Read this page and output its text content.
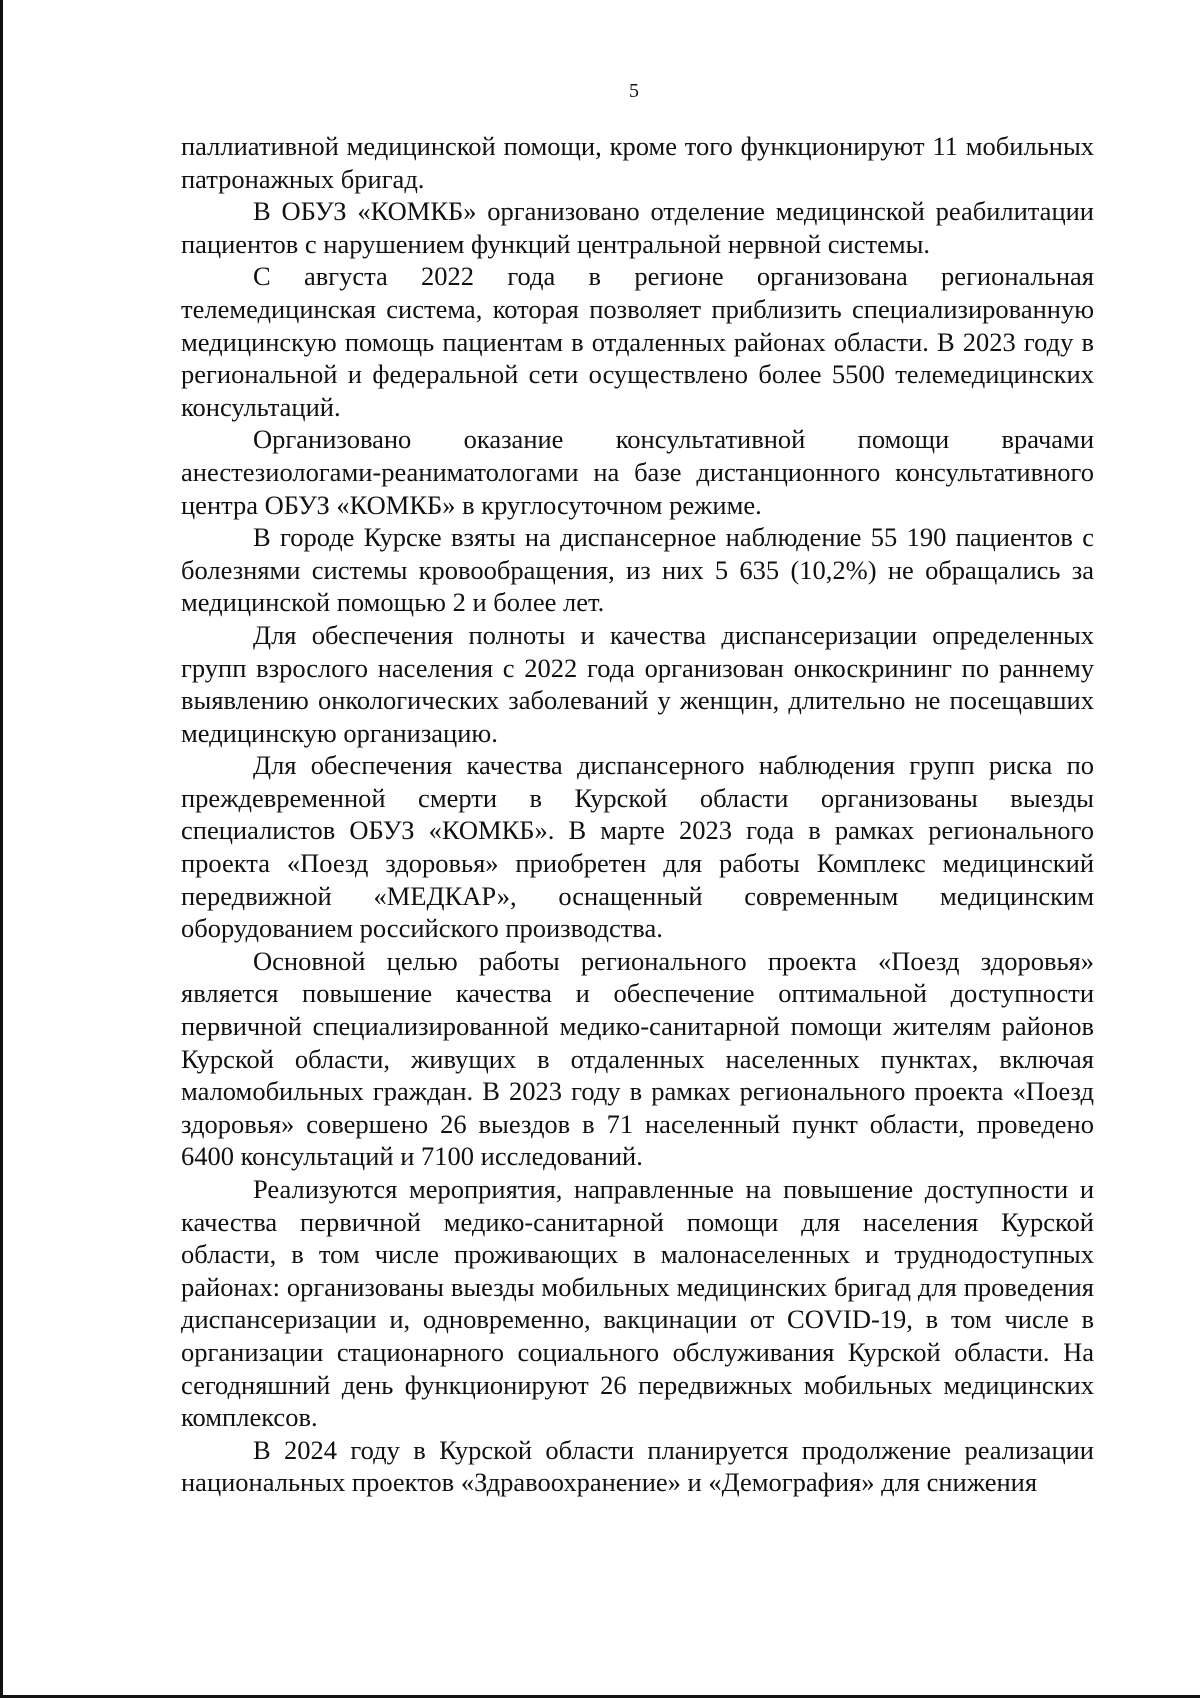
5

паллиативной медицинской помощи, кроме того функционируют 11 мобильных патронажных бригад.

В ОБУЗ «КОМКБ» организовано отделение медицинской реабилитации пациентов с нарушением функций центральной нервной системы.

С августа 2022 года в регионе организована региональная телемедицинская система, которая позволяет приблизить специализированную медицинскую помощь пациентам в отдаленных районах области. В 2023 году в региональной и федеральной сети осуществлено более 5500 телемедицинских консультаций.

Организовано оказание консультативной помощи врачами анестезиологами-реаниматологами на базе дистанционного консультативного центра ОБУЗ «КОМКБ» в круглосуточном режиме.

В городе Курске взяты на диспансерное наблюдение 55 190 пациентов с болезнями системы кровообращения, из них 5 635 (10,2%) не обращались за медицинской помощью 2 и более лет.

Для обеспечения полноты и качества диспансеризации определенных групп взрослого населения с 2022 года организован онкоскрининг по раннему выявлению онкологических заболеваний у женщин, длительно не посещавших медицинскую организацию.

Для обеспечения качества диспансерного наблюдения групп риска по преждевременной смерти в Курской области организованы выезды специалистов ОБУЗ «КОМКБ». В марте 2023 года в рамках регионального проекта «Поезд здоровья» приобретен для работы Комплекс медицинский передвижной «МЕДКАР», оснащенный современным медицинским оборудованием российского производства.

Основной целью работы регионального проекта «Поезд здоровья» является повышение качества и обеспечение оптимальной доступности первичной специализированной медико-санитарной помощи жителям районов Курской области, живущих в отдаленных населенных пунктах, включая маломобильных граждан. В 2023 году в рамках регионального проекта «Поезд здоровья» совершено 26 выездов в 71 населенный пункт области, проведено 6400 консультаций и 7100 исследований.

Реализуются мероприятия, направленные на повышение доступности и качества первичной медико-санитарной помощи для населения Курской области, в том числе проживающих в малонаселенных и труднодоступных районах: организованы выезды мобильных медицинских бригад для проведения диспансеризации и, одновременно, вакцинации от COVID-19, в том числе в организации стационарного социального обслуживания Курской области. На сегодняшний день функционируют 26 передвижных мобильных медицинских комплексов.

В 2024 году в Курской области планируется продолжение реализации национальных проектов «Здравоохранение» и «Демография» для снижения
